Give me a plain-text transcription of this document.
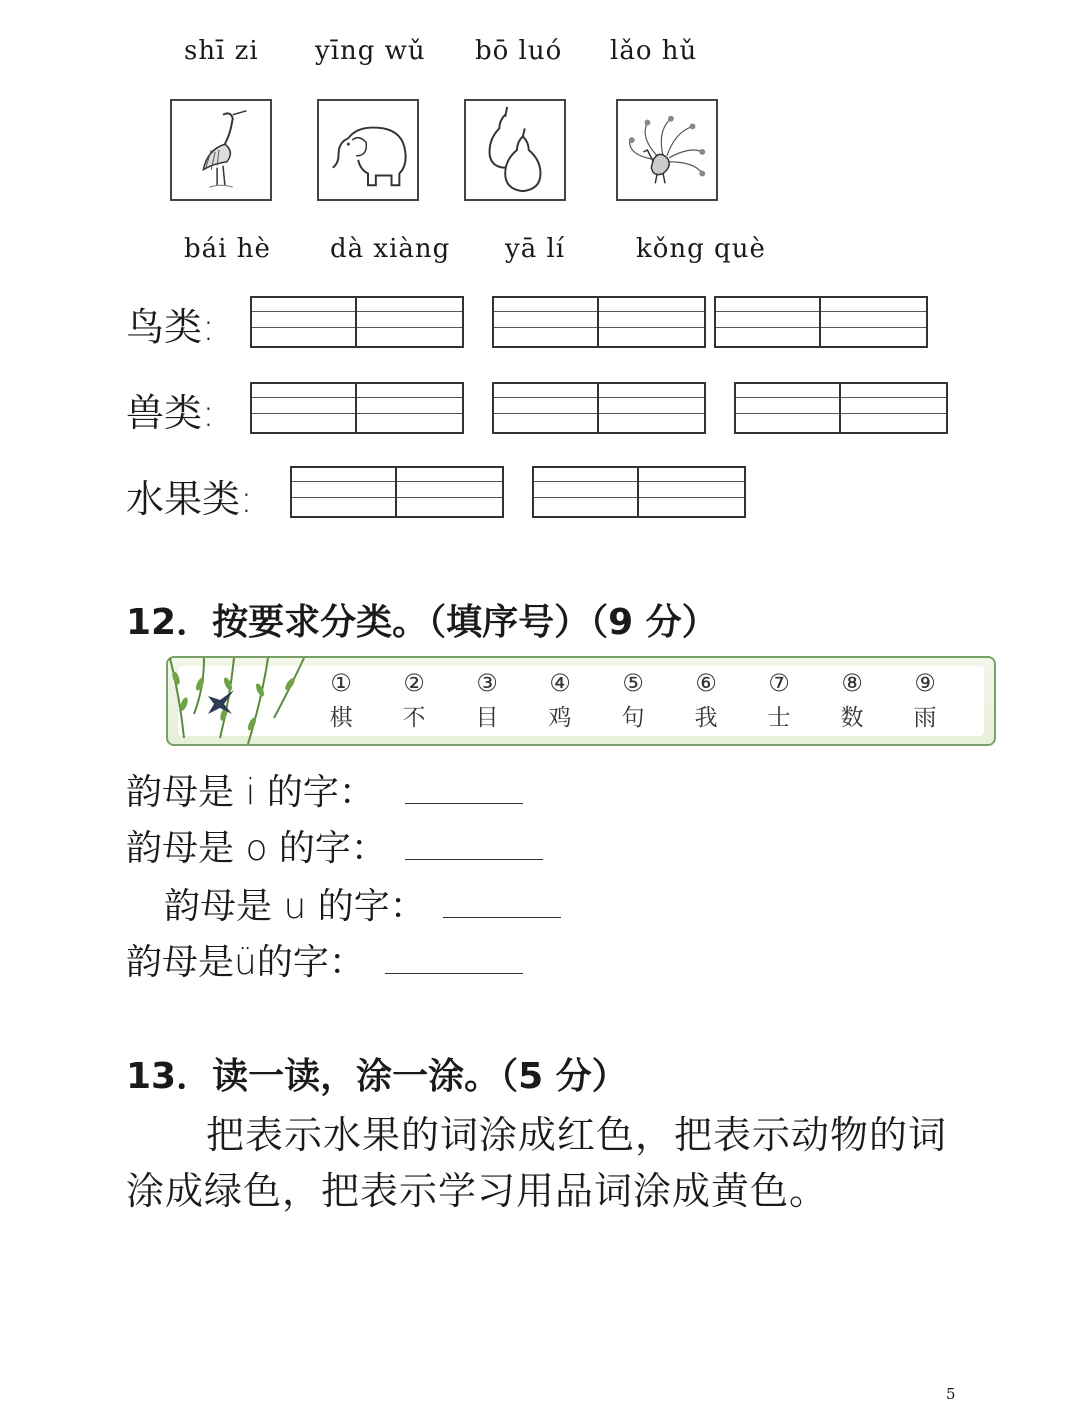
shī zi yīng wǔ bō luó lǎo hǔ
bái hè dà xiàng yā lí	kǒng què
鸟类:
兽类:
水果类:
12．按要求分类。（填序号）（9 分）
①
棋
②
不
③
目
④
鸡
⑤
句
⑥
我
⑦
士
⑧
数
⑨
雨
韵母是 i 的字：
韵母是 o 的字：
韵母是 u 的字：
韵母是ü的字：
13．读一读，涂一涂。（5 分）
把表示水果的词涂成红色，把表示动物的词
涂成绿色，把表示学习用品词涂成黄色。
5
